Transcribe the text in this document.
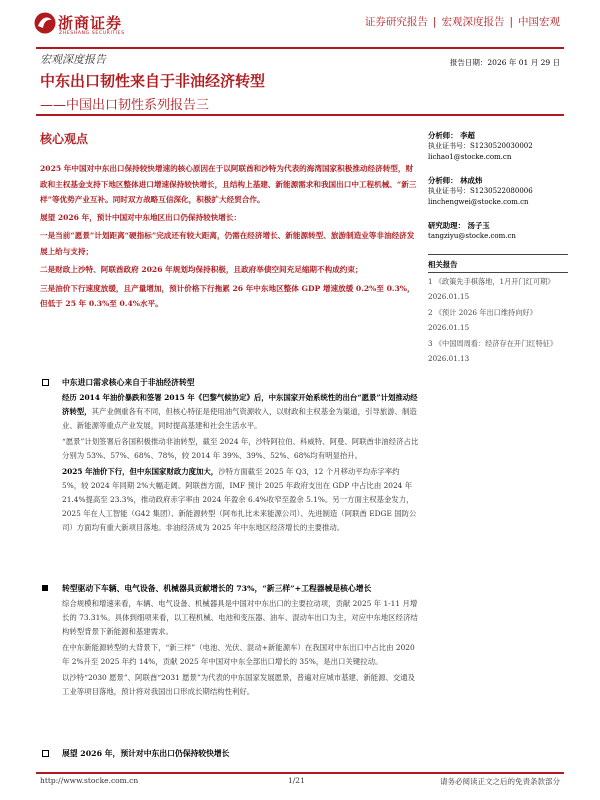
浙商证券
ZHESHANG SECURITIES
证券研究报告 | 宏观深度报告 | 中国宏观
宏观深度报告	报告日期：2026 年 01 月 29 日
中东出口韧性来自于非油经济转型
——中国出口韧性系列报告三
核心观点
2025 年中国对中东出口保持较快增速的核心原因在于以阿联酋和沙特为代表的海湾国家积极推动经济转型，财政和主权基金支持下地区整体进口增速保持较快增长，且结构上基建、新能源需求和我国出口中工程机械、“新三样”等优势产业互补。同时双方战略互信深化，积极扩大经贸合作。
展望 2026 年，预计中国对中东地区出口仍保持较快增长：
一是当前“愿景”计划距离“硬指标”完成还有较大距离，仍需在经济增长、新能源转型、旅游制造业等非油经济发展上给与支持；
二是财政上沙特、阿联酋政府 2026 年规划均保持积极，且政府举债空间充足缩期不构成约束；
三是油价下行速度放缓，且产量增加，预计价格下行拖累 26 年中东地区整体 GDP 增速放缓 0.2%至 0.3%，但低于 25 年 0.3%至 0.4%水平。
中东进口需求核心来自于非油经济转型
经历 2014 年油价暴跌和签署 2015 年《巴黎气候协定》后，中东国家开始系统性的出台“愿景”计划推动经济转型，其产业侧重各有不同，但核心特征是使用油气资源收入，以财政和主权基金为渠道，引导旅游、制造业、新能源等重点产业发展，同时提高基建和社会生活水平。
“愿景”计划签署后各国积极推动非油转型，截至 2024 年，沙特阿拉伯、科威特、阿曼、阿联酋非油经济占比分别为 53%、57%、68%、78%，较 2014 年 39%、39%、52%、68%均有明显抬升。
2025 年油价下行，但中东国家财政力度加大，沙特方面截至 2025 年 Q3，12 个月移动平均赤字率约 5%，较 2024 年同期 2%大幅走阔。阿联酋方面，IMF 预计 2025 年政府支出在 GDP 中占比由 2024 年 21.4%提高至 23.3%，推动政府赤字率由 2024 年盈余 6.4%收窄至盈余 5.1%。另一方面主权基金发力，2025 年在人工智能（G42 集团）、新能源转型（阿布扎比未来能源公司）、先进制造（阿联酋 EDGE 国防公司）方面均有重大新项目落地。非油经济成为 2025 年中东地区经济增长的主要推动。
转型驱动下车辆、电气设备、机械器具贡献增长的 73%，“新三样”+工程器械是核心增长
综合规模和增速来看，车辆、电气设备、机械器具是中国对中东出口的主要拉动项，贡献 2025 年 1-11 月增长的 73.31%。具体到细项来看，以工程机械、电池和变压器、油车、混动车出口为主，对应中东地区经济结构转型背景下新能源和基建需求。
在中东新能源转型的大背景下，“新三样”（电池、光伏、混动+新能源车）在我国对中东出口中占比由 2020 年 2%升至 2025 年约 14%，贡献 2025 年中国对中东全部出口增长的 35%，是出口关键拉动。
以沙特“2030 愿景”、阿联酋“2031 愿景”为代表的中东国家发展愿景，普遍对应城市基建、新能源、交通及工业等项目落地，预计将对我国出口形成长期结构性利好。
展望 2026 年，预计对中东出口仍保持较快增长
分析师： 李超
执业证书号：S1230520030002
lichao1@stocke.com.cn
分析师： 林成炜
执业证书号：S1230522080006
linchengwei@stocke.com.cn
研究助理： 汤子玉
tangziyu@stocke.com.cn
相关报告
1 《政策先手棋落地，1月开门红可期》 2026.01.15
2 《预计 2026 年出口维持向好》 2026.01.15
3 《中国周周看：经济存在开门红特征》 2026.01.13
http://www.stocke.com.cn	1/21	请务必阅读正文之后的免责条款部分
